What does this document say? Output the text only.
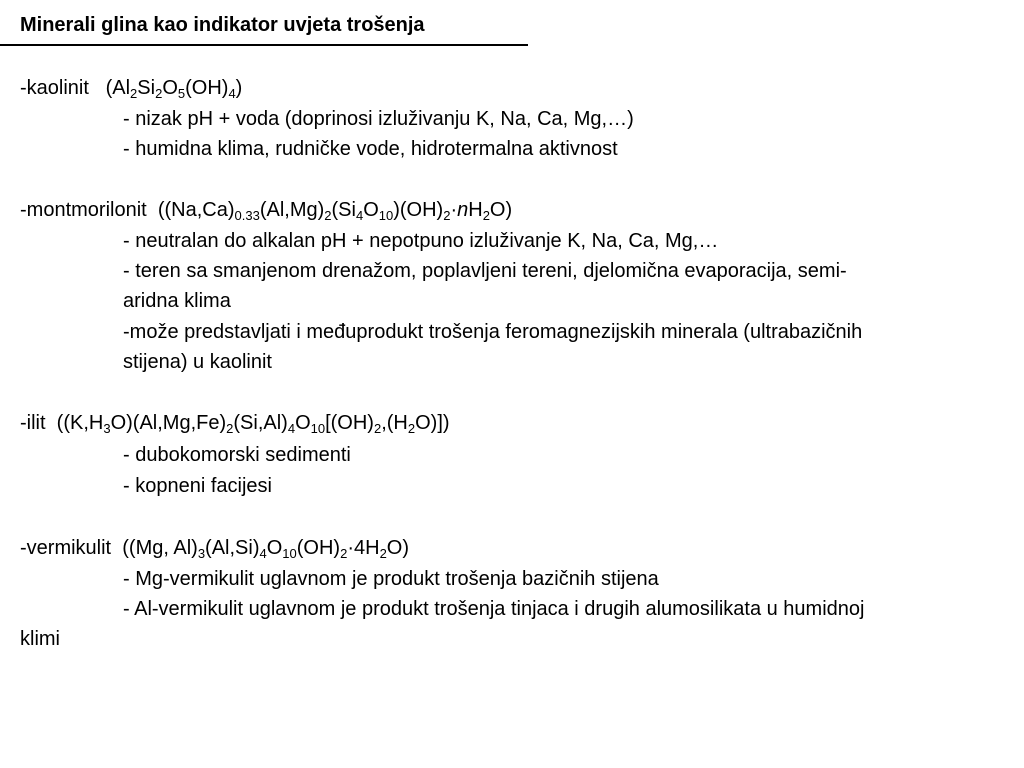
Minerali glina kao indikator uvjeta trošenja
-kaolinit $(Al_2Si_2O_5(OH)_4)$
- nizak pH + voda (doprinosi izluživanju K, Na, Ca, Mg,…)
- humidna klima, rudničke vode, hidrotermalna aktivnost
-montmorilonit $((Na,Ca)_{0.33}(Al,Mg)_2(Si_4O_{10})(OH)_2\cdot nH_2O)$
- neutralan do alkalan pH + nepotpuno izluživanje K, Na, Ca, Mg,…
- teren sa smanjenom drenažom, poplavljeni tereni, djelomična evaporacija, semi-
aridna klima
-može predstavljati i međuprodukt trošenja feromagnezijskih minerala (ultrabazičnih
stijena) u kaolinit
-ilit $((K,H_3O)(Al,Mg,Fe)_2(Si,Al)_4O_{10}[(OH)_2,(H_2O)])$
- dubokomorski sedimenti
- kopneni facijesi
-vermikulit ((Mg, $Al)_3(Al,Si)_4O_{10}(OH)_2\cdot 4H_2O$)
- Mg-vermikulit uglavnom je produkt trošenja bazičnih stijena
- Al-vermikulit uglavnom je produkt trošenja tinjaca i drugih alumosilikata u humidnoj
klimi
